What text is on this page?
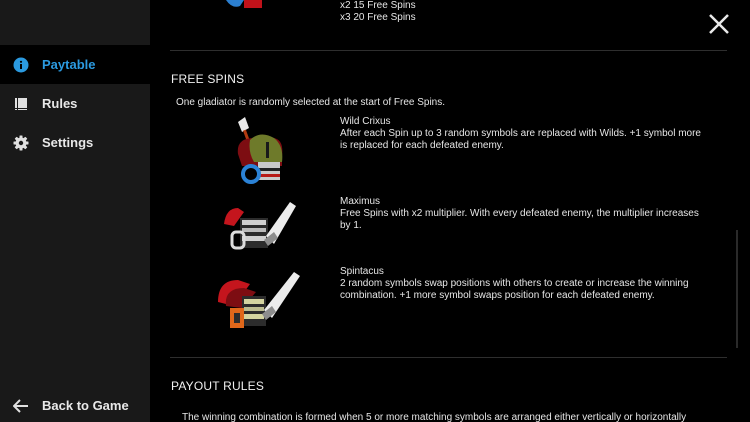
Paytable
Rules
Settings
Back to Game
x2 15 Free Spins
x3 20 Free Spins
FREE SPINS
One gladiator is randomly selected at the start of Free Spins.
Wild Crixus
After each Spin up to 3 random symbols are replaced with Wilds. +1 symbol more is replaced for each defeated enemy.
Maximus
Free Spins with x2 multiplier. With every defeated enemy, the multiplier increases by 1.
Spintacus
2 random symbols swap positions with others to create or increase the winning combination. +1 more symbol swaps position for each defeated enemy.
PAYOUT RULES
The winning combination is formed when 5 or more matching symbols are arranged either vertically or horizontally
